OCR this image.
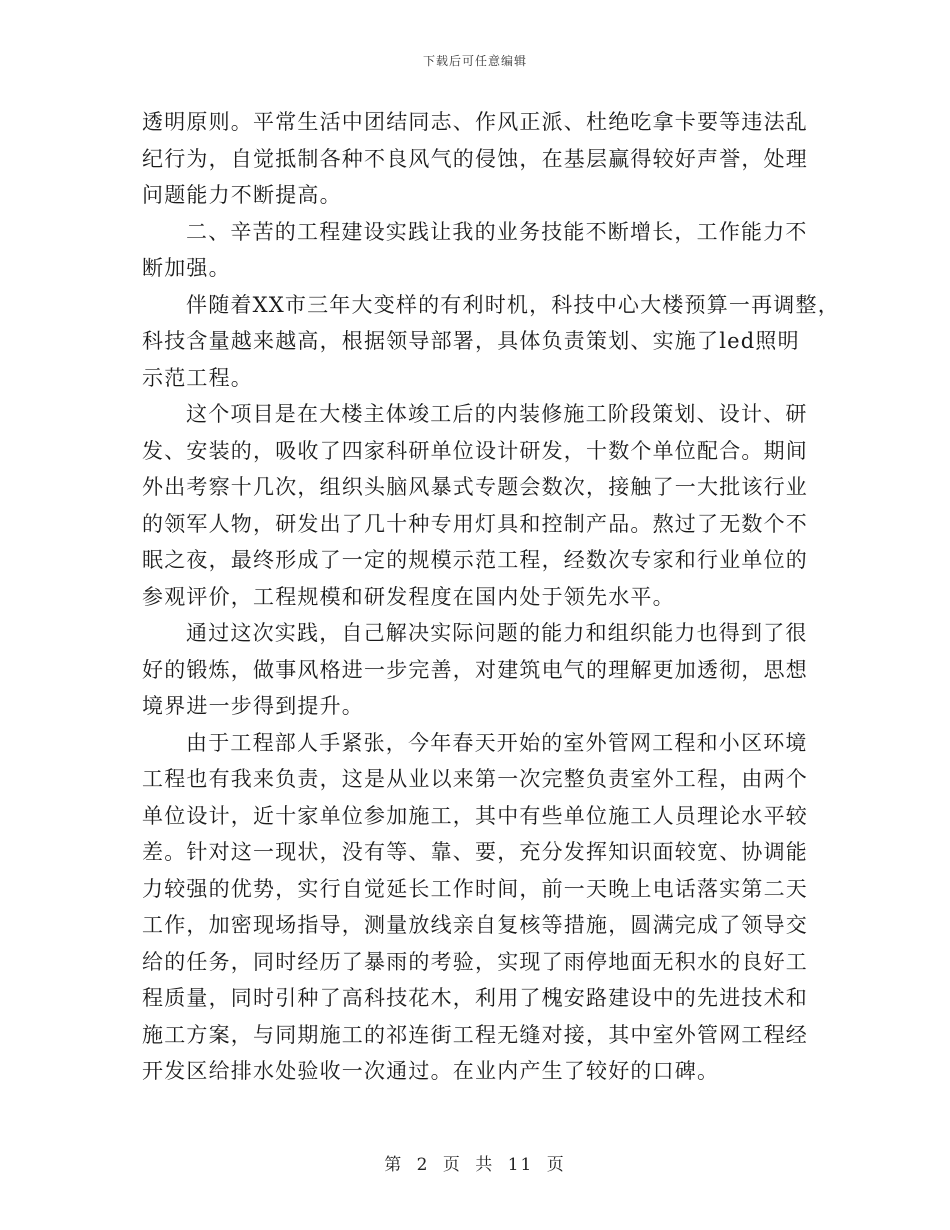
下载后可任意编辑
透明原则。平常生活中团结同志、作风正派、杜绝吃拿卡要等违法乱
纪行为，自觉抵制各种不良风气的侵蚀，在基层赢得较好声誉，处理
问题能力不断提高。
二、辛苦的工程建设实践让我的业务技能不断增长，工作能力不
断加强。
伴随着XX市三年大变样的有利时机，科技中心大楼预算一再调整，
科技含量越来越高，根据领导部署，具体负责策划、实施了led照明
示范工程。
这个项目是在大楼主体竣工后的内装修施工阶段策划、设计、研
发、安装的，吸收了四家科研单位设计研发，十数个单位配合。期间
外出考察十几次，组织头脑风暴式专题会数次，接触了一大批该行业
的领军人物，研发出了几十种专用灯具和控制产品。熬过了无数个不
眠之夜，最终形成了一定的规模示范工程，经数次专家和行业单位的
参观评价，工程规模和研发程度在国内处于领先水平。
通过这次实践，自己解决实际问题的能力和组织能力也得到了很
好的锻炼，做事风格进一步完善，对建筑电气的理解更加透彻，思想
境界进一步得到提升。
由于工程部人手紧张，今年春天开始的室外管网工程和小区环境
工程也有我来负责，这是从业以来第一次完整负责室外工程，由两个
单位设计，近十家单位参加施工，其中有些单位施工人员理论水平较
差。针对这一现状，没有等、靠、要，充分发挥知识面较宽、协调能
力较强的优势，实行自觉延长工作时间，前一天晚上电话落实第二天
工作，加密现场指导，测量放线亲自复核等措施，圆满完成了领导交
给的任务，同时经历了暴雨的考验，实现了雨停地面无积水的良好工
程质量，同时引种了高科技花木，利用了槐安路建设中的先进技术和
施工方案，与同期施工的祁连街工程无缝对接，其中室外管网工程经
开发区给排水处验收一次通过。在业内产生了较好的口碑。
第 2 页 共 11 页
